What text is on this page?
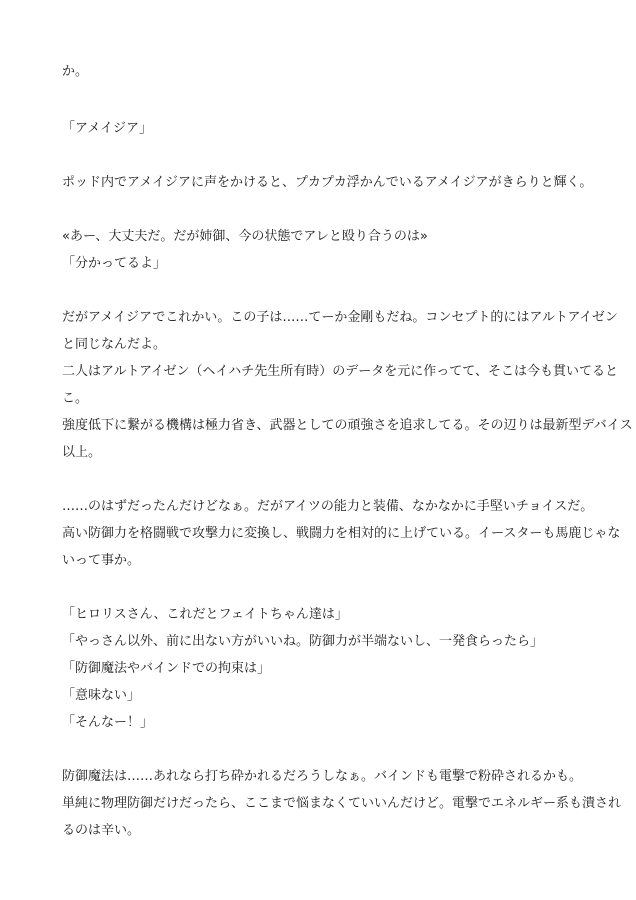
か。
「アメイジア」
ポッド内でアメイジアに声をかけると、プカプカ浮かんでいるアメイジアがきらりと輝く。
«あー、大丈夫だ。だが姉御、今の状態でアレと殴り合うのは»
「分かってるよ」
だがアメイジアでこれかい。この子は……てーか金剛もだね。コンセプト的にはアルトアイゼン
と同じなんだよ。
二人はアルトアイゼン（ヘイハチ先生所有時）のデータを元に作ってて、そこは今も貫いてると
こ。
強度低下に繋がる機構は極力省き、武器としての頑強さを追求してる。その辺りは最新型デバイス
以上。
……のはずだったんだけどなぁ。だがアイツの能力と装備、なかなかに手堅いチョイスだ。
高い防御力を格闘戦で攻撃力に変換し、戦闘力を相対的に上げている。イースターも馬鹿じゃな
いって事か。
「ヒロリスさん、これだとフェイトちゃん達は」
「やっさん以外、前に出ない方がいいね。防御力が半端ないし、一発食らったら」
「防御魔法やバインドでの拘束は」
「意味ない」
「そんなー！」
防御魔法は……あれなら打ち砕かれるだろうしなぁ。バインドも電撃で粉砕されるかも。
単純に物理防御だけだったら、ここまで悩まなくていいんだけど。電撃でエネルギー系も潰され
るのは辛い。
